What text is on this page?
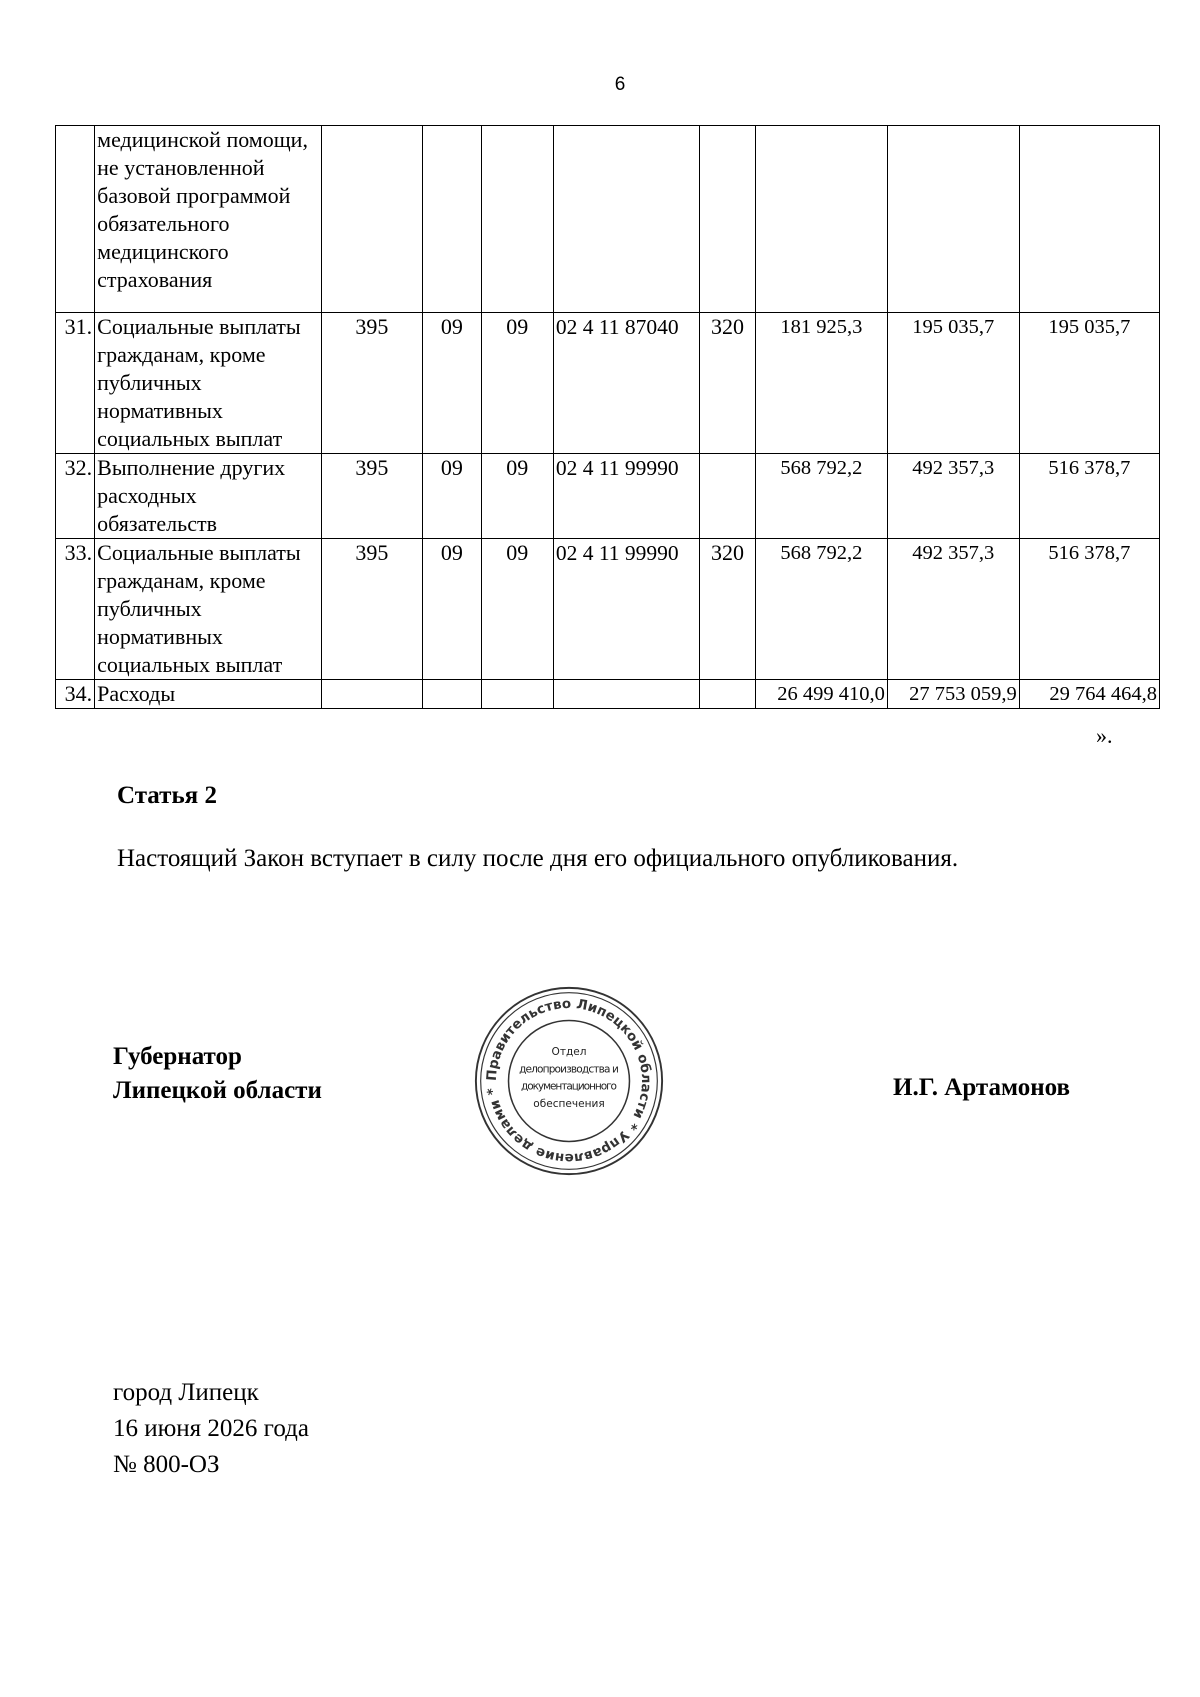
6
	медицинской помощи, не установленной базовой программой обязательного медицинского страхования								
31.	Социальные выплаты гражданам, кроме публичных нормативных социальных выплат	395	09	09	02 4 11 87040	320	181 925,3	195 035,7	195 035,7
32.	Выполнение других расходных обязательств	395	09	09	02 4 11 99990		568 792,2	492 357,3	516 378,7
33.	Социальные выплаты гражданам, кроме публичных нормативных социальных выплат	395	09	09	02 4 11 99990	320	568 792,2	492 357,3	516 378,7
34.	Расходы						26 499 410,0	27 753 059,9	29 764 464,8
».
Статья 2
Настоящий Закон вступает в силу после дня его официального опубликования.
Губернатор
Липецкой области
Правительство Липецкой области * Управление делами *
Отдел
делопроизводства и
документационного
обеспечения
И.Г. Артамонов
город Липецк
16 июня 2026 года
№ 800-ОЗ
